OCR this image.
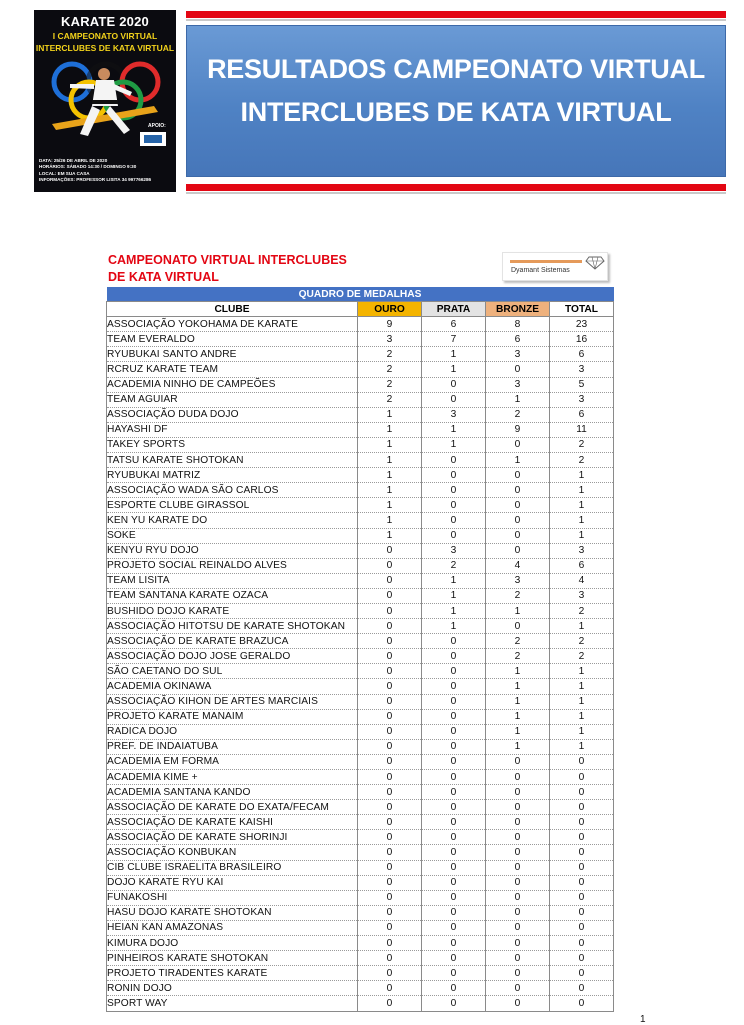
KARATE 2020
I CAMPEONATO VIRTUAL
INTERCLUBES DE KATA VIRTUAL
APOIO:
DATA: 25/26 DE ABRIL DE 2020
HORÁRIOS: SÁBADO 14:30 / DOMINGO 9:30
LOCAL: EM SUA CASA
INFORMAÇÕES: PROFESSOR LISITA 34 997766286
RESULTADOS CAMPEONATO VIRTUAL
INTERCLUBES DE KATA VIRTUAL
CAMPEONATO VIRTUAL INTERCLUBES
DE KATA VIRTUAL	Dyamant Sistemas
QUADRO DE MEDALHAS				
CLUBE	OURO	PRATA	BRONZE	TOTAL
ASSOCIAÇÃO YOKOHAMA DE KARATE	9	6	8	23
TEAM EVERALDO	3	7	6	16
RYUBUKAI SANTO ANDRE	2	1	3	6
RCRUZ KARATE TEAM	2	1	0	3
ACADEMIA NINHO DE CAMPEÕES	2	0	3	5
TEAM AGUIAR	2	0	1	3
ASSOCIAÇÃO DUDA DOJO	1	3	2	6
HAYASHI DF	1	1	9	11
TAKEY SPORTS	1	1	0	2
TATSU KARATE SHOTOKAN	1	0	1	2
RYUBUKAI MATRIZ	1	0	0	1
ASSOCIAÇÃO WADA SÃO CARLOS	1	0	0	1
ESPORTE CLUBE GIRASSOL	1	0	0	1
KEN YU KARATE DO	1	0	0	1
SOKE	1	0	0	1
KENYU RYU DOJO	0	3	0	3
PROJETO SOCIAL REINALDO ALVES	0	2	4	6
TEAM LISITA	0	1	3	4
TEAM SANTANA KARATE OZACA	0	1	2	3
BUSHIDO DOJO KARATE	0	1	1	2
ASSOCIAÇÃO HITOTSU DE KARATE SHOTOKAN	0	1	0	1
ASSOCIAÇÃO DE KARATE BRAZUCA	0	0	2	2
ASSOCIAÇÃO DOJO JOSE GERALDO	0	0	2	2
SÃO CAETANO DO SUL	0	0	1	1
ACADEMIA OKINAWA	0	0	1	1
ASSOCIAÇÃO KIHON DE ARTES MARCIAIS	0	0	1	1
PROJETO KARATE MANAIM	0	0	1	1
RADICA DOJO	0	0	1	1
PREF. DE INDAIATUBA	0	0	1	1
ACADEMIA EM FORMA	0	0	0	0
ACADEMIA KIME +	0	0	0	0
ACADEMIA SANTANA KANDO	0	0	0	0
ASSOCIAÇÃO DE KARATE DO EXATA/FECAM	0	0	0	0
ASSOCIAÇÃO DE KARATE KAISHI	0	0	0	0
ASSOCIAÇÃO DE KARATE SHORINJI	0	0	0	0
ASSOCIAÇÃO KONBUKAN	0	0	0	0
CIB CLUBE ISRAELITA BRASILEIRO	0	0	0	0
DOJO KARATE RYU KAI	0	0	0	0
FUNAKOSHI	0	0	0	0
HASU DOJO KARATE SHOTOKAN	0	0	0	0
HEIAN KAN AMAZONAS	0	0	0	0
KIMURA DOJO	0	0	0	0
PINHEIROS KARATE SHOTOKAN	0	0	0	0
PROJETO TIRADENTES KARATE	0	0	0	0
RONIN DOJO	0	0	0	0
SPORT WAY	0	0	0	0
1
